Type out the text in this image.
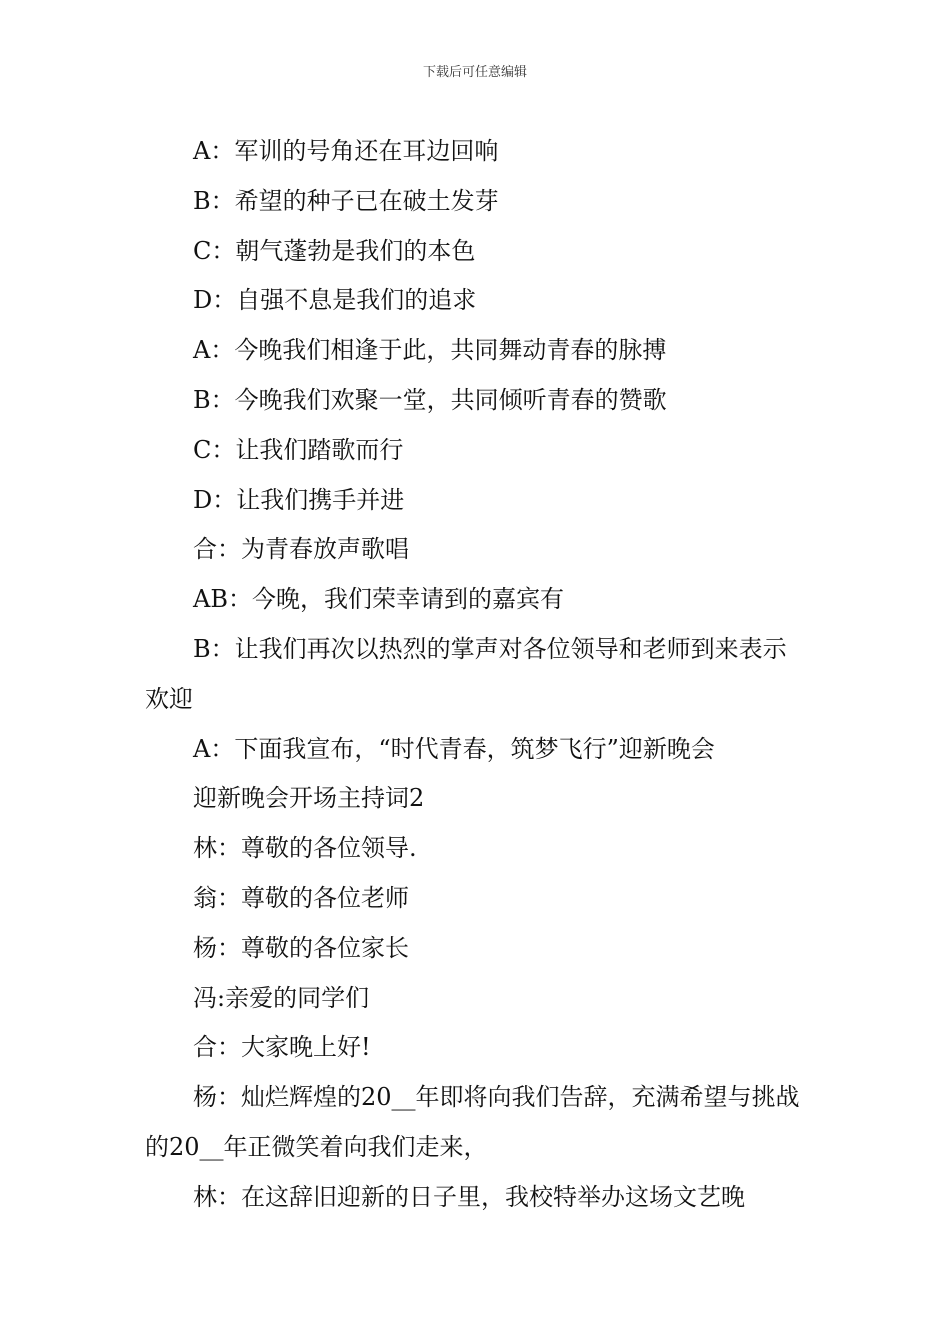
下载后可任意编辑

A：军训的号角还在耳边回响

B：希望的种子已在破土发芽

C：朝气蓬勃是我们的本色

D：自强不息是我们的追求

A：今晚我们相逢于此，共同舞动青春的脉搏

B：今晚我们欢聚一堂，共同倾听青春的赞歌

C：让我们踏歌而行

D：让我们携手并进

合：为青春放声歌唱

AB：今晚，我们荣幸请到的嘉宾有

B：让我们再次以热烈的掌声对各位领导和老师到来表示欢迎

A：下面我宣布，“时代青春，筑梦飞行”迎新晚会

迎新晚会开场主持词2

林：尊敬的各位领导.

翁：尊敬的各位老师

杨：尊敬的各位家长

冯:亲爱的同学们

合：大家晚上好!

杨：灿烂辉煌的20__年即将向我们告辞，充满希望与挑战的20__年正微笑着向我们走来，

林：在这辞旧迎新的日子里，我校特举办这场文艺晚
